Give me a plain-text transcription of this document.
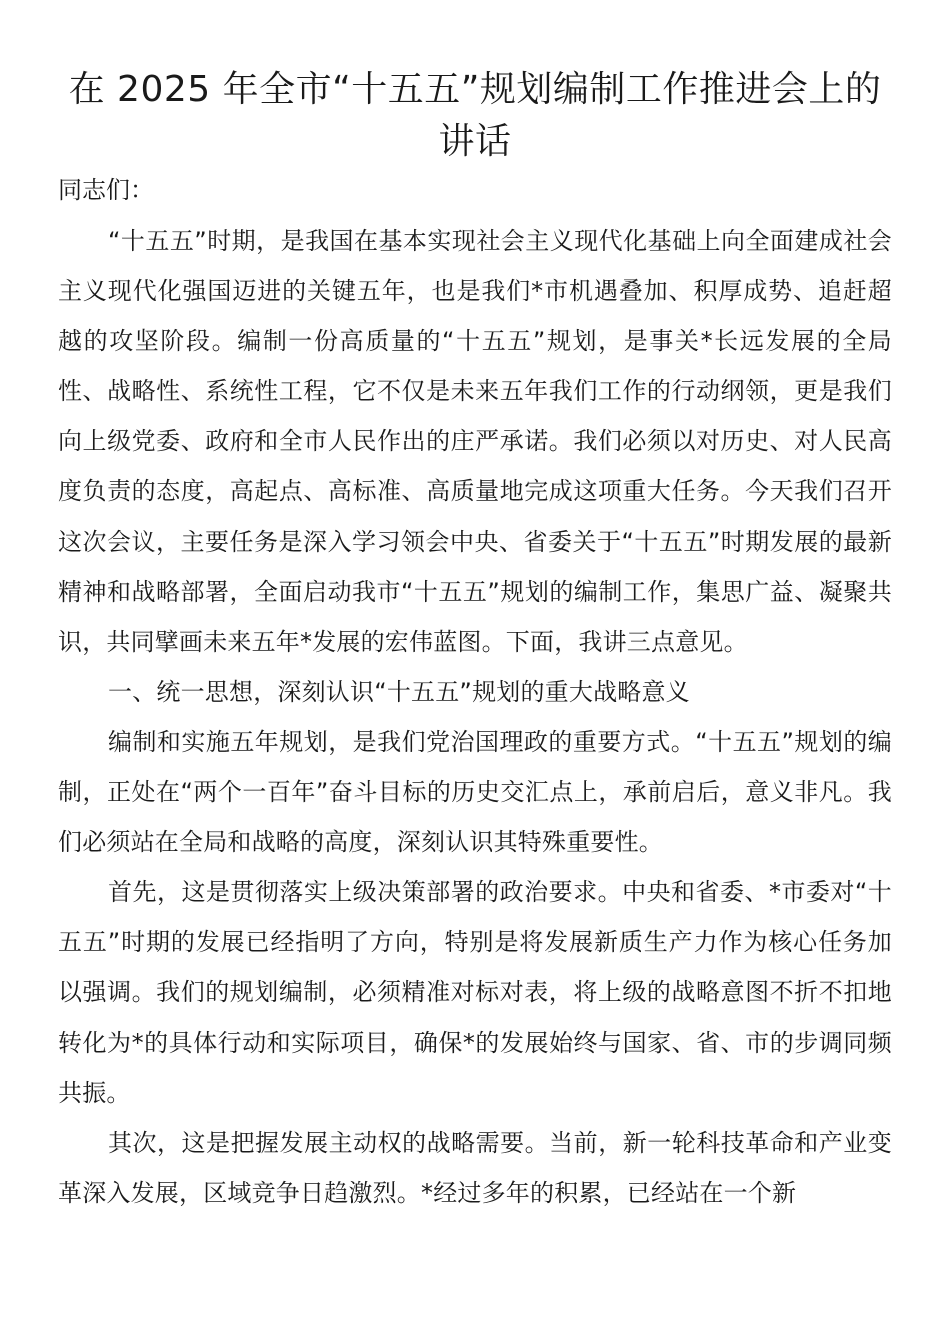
在 2025 年全市“十五五”规划编制工作推进会上的
讲话

同志们：

“十五五”时期，是我国在基本实现社会主义现代化基础上向全面建成社会主义现代化强国迈进的关键五年，也是我们*市机遇叠加、积厚成势、追赶超越的攻坚阶段。编制一份高质量的“十五五”规划，是事关*长远发展的全局性、战略性、系统性工程，它不仅是未来五年我们工作的行动纲领，更是我们向上级党委、政府和全市人民作出的庄严承诺。我们必须以对历史、对人民高度负责的态度，高起点、高标准、高质量地完成这项重大任务。今天我们召开这次会议，主要任务是深入学习领会中央、省委关于“十五五”时期发展的最新精神和战略部署，全面启动我市“十五五”规划的编制工作，集思广益、凝聚共识，共同擘画未来五年*发展的宏伟蓝图。下面，我讲三点意见。

一、统一思想，深刻认识“十五五”规划的重大战略意义

编制和实施五年规划，是我们党治国理政的重要方式。“十五五”规划的编制，正处在“两个一百年”奋斗目标的历史交汇点上，承前启后，意义非凡。我们必须站在全局和战略的高度，深刻认识其特殊重要性。

首先，这是贯彻落实上级决策部署的政治要求。中央和省委、*市委对“十五五”时期的发展已经指明了方向，特别是将发展新质生产力作为核心任务加以强调。我们的规划编制，必须精准对标对表，将上级的战略意图不折不扣地转化为*的具体行动和实际项目，确保*的发展始终与国家、省、市的步调同频共振。

其次，这是把握发展主动权的战略需要。当前，新一轮科技革命和产业变革深入发展，区域竞争日趋激烈。*经过多年的积累，已经站在一个新
